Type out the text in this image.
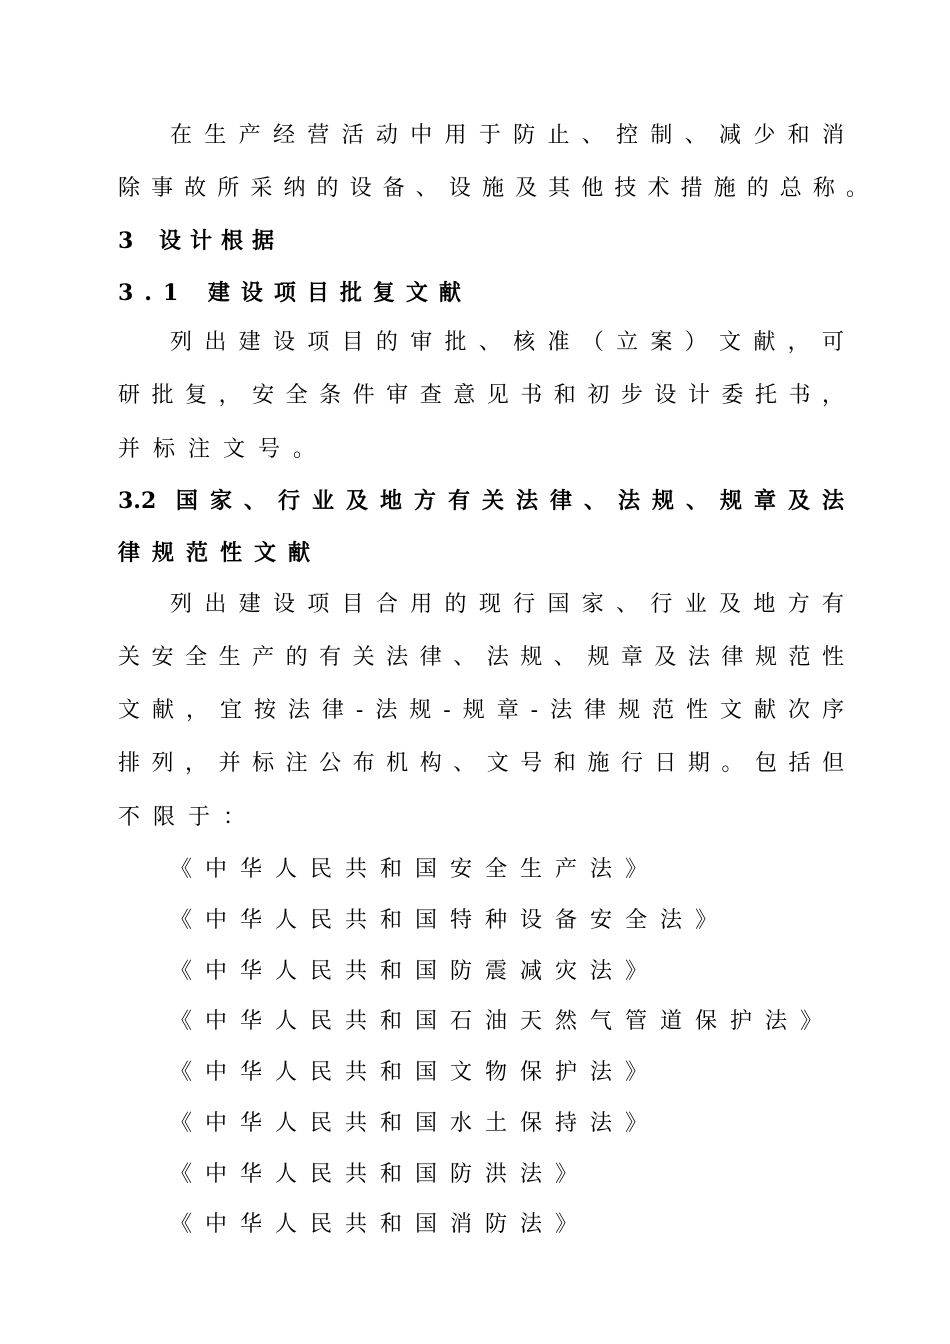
在生产经营活动中用于防止、控制、减少和消
除事故所采纳的设备、设施及其他技术措施的总称。
3 设计根据
3.1 建设项目批复文献
列出建设项目的审批、核准（立案）文献，可
研批复，安全条件审查意见书和初步设计委托书，
并标注文号。
3.2 国家、行业及地方有关法律、法规、规章及法
律规范性文献
列出建设项目合用的现行国家、行业及地方有
关安全生产的有关法律、法规、规章及法律规范性
文献，宜按法律-法规-规章-法律规范性文献次序
排列，并标注公布机构、文号和施行日期。包括但
不限于：
《中华人民共和国安全生产法》
《中华人民共和国特种设备安全法》
《中华人民共和国防震减灾法》
《中华人民共和国石油天然气管道保护法》
《中华人民共和国文物保护法》
《中华人民共和国水土保持法》
《中华人民共和国防洪法》
《中华人民共和国消防法》
